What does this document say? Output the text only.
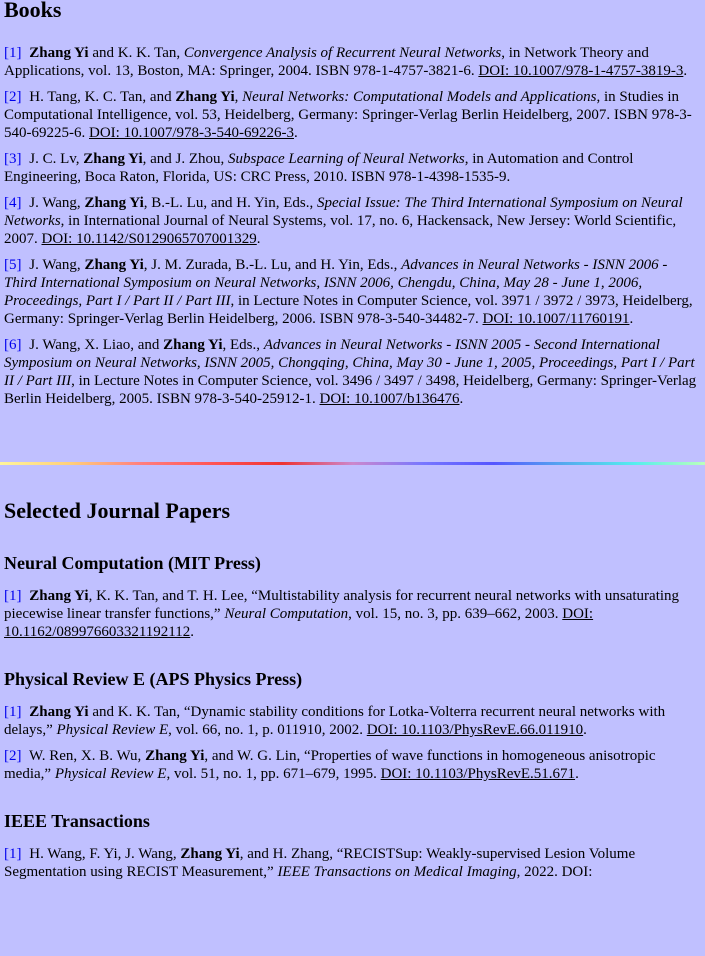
Books
[1] Zhang Yi and K. K. Tan, Convergence Analysis of Recurrent Neural Networks, in Network Theory and Applications, vol. 13, Boston, MA: Springer, 2004. ISBN 978-1-4757-3821-6. DOI: 10.1007/978-1-4757-3819-3.
[2] H. Tang, K. C. Tan, and Zhang Yi, Neural Networks: Computational Models and Applications, in Studies in Computational Intelligence, vol. 53, Heidelberg, Germany: Springer-Verlag Berlin Heidelberg, 2007. ISBN 978-3-540-69225-6. DOI: 10.1007/978-3-540-69226-3.
[3] J. C. Lv, Zhang Yi, and J. Zhou, Subspace Learning of Neural Networks, in Automation and Control Engineering, Boca Raton, Florida, US: CRC Press, 2010. ISBN 978-1-4398-1535-9.
[4] J. Wang, Zhang Yi, B.-L. Lu, and H. Yin, Eds., Special Issue: The Third International Symposium on Neural Networks, in International Journal of Neural Systems, vol. 17, no. 6, Hackensack, New Jersey: World Scientific, 2007. DOI: 10.1142/S0129065707001329.
[5] J. Wang, Zhang Yi, J. M. Zurada, B.-L. Lu, and H. Yin, Eds., Advances in Neural Networks - ISNN 2006 - Third International Symposium on Neural Networks, ISNN 2006, Chengdu, China, May 28 - June 1, 2006, Proceedings, Part I / Part II / Part III, in Lecture Notes in Computer Science, vol. 3971 / 3972 / 3973, Heidelberg, Germany: Springer-Verlag Berlin Heidelberg, 2006. ISBN 978-3-540-34482-7. DOI: 10.1007/11760191.
[6] J. Wang, X. Liao, and Zhang Yi, Eds., Advances in Neural Networks - ISNN 2005 - Second International Symposium on Neural Networks, ISNN 2005, Chongqing, China, May 30 - June 1, 2005, Proceedings, Part I / Part II / Part III, in Lecture Notes in Computer Science, vol. 3496 / 3497 / 3498, Heidelberg, Germany: Springer-Verlag Berlin Heidelberg, 2005. ISBN 978-3-540-25912-1. DOI: 10.1007/b136476.
Selected Journal Papers
Neural Computation (MIT Press)
[1] Zhang Yi, K. K. Tan, and T. H. Lee, “Multistability analysis for recurrent neural networks with unsaturating piecewise linear transfer functions,” Neural Computation, vol. 15, no. 3, pp. 639–662, 2003. DOI: 10.1162/089976603321192112.
Physical Review E (APS Physics Press)
[1] Zhang Yi and K. K. Tan, “Dynamic stability conditions for Lotka-Volterra recurrent neural networks with delays,” Physical Review E, vol. 66, no. 1, p. 011910, 2002. DOI: 10.1103/PhysRevE.66.011910.
[2] W. Ren, X. B. Wu, Zhang Yi, and W. G. Lin, “Properties of wave functions in homogeneous anisotropic media,” Physical Review E, vol. 51, no. 1, pp. 671–679, 1995. DOI: 10.1103/PhysRevE.51.671.
IEEE Transactions
[1] H. Wang, F. Yi, J. Wang, Zhang Yi, and H. Zhang, “RECISTSup: Weakly-supervised Lesion Volume Segmentation using RECIST Measurement,” IEEE Transactions on Medical Imaging, 2022. DOI:
